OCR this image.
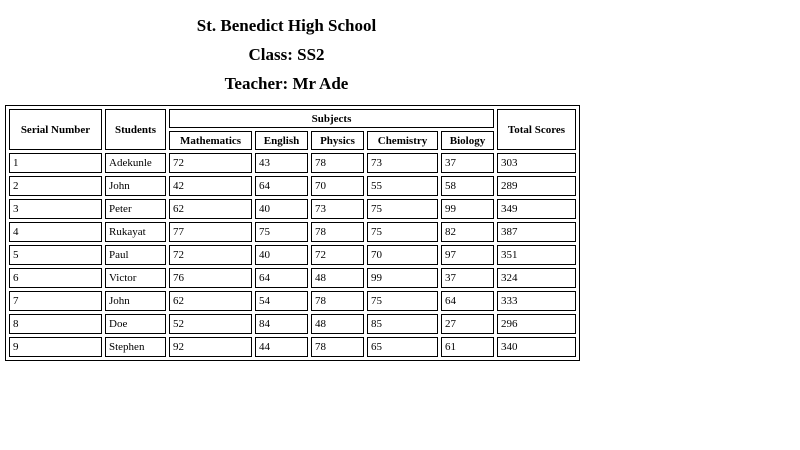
St. Benedict High School
Class: SS2
Teacher: Mr Ade
Serial Number	Students	Subjects					Total Scores
		Mathematics	English	Physics	Chemistry	Biology	
1	Adekunle	72	43	78	73	37	303
2	John	42	64	70	55	58	289
3	Peter	62	40	73	75	99	349
4	Rukayat	77	75	78	75	82	387
5	Paul	72	40	72	70	97	351
6	Victor	76	64	48	99	37	324
7	John	62	54	78	75	64	333
8	Doe	52	84	48	85	27	296
9	Stephen	92	44	78	65	61	340
